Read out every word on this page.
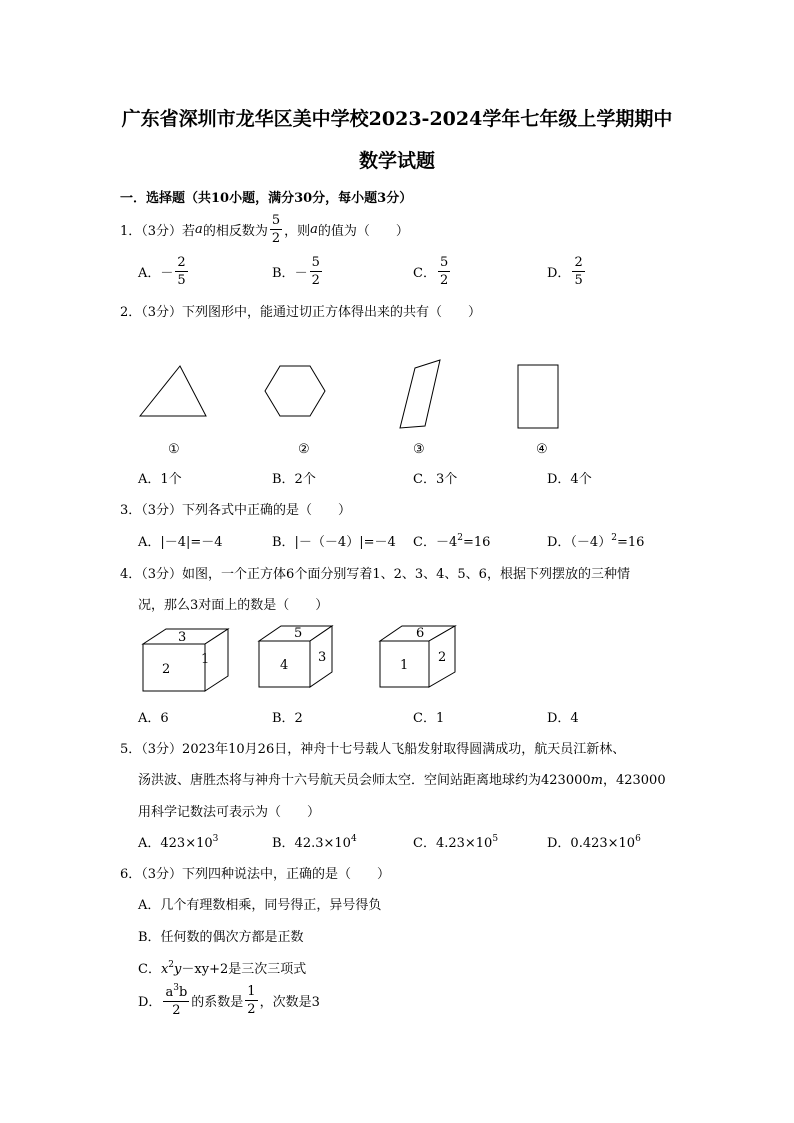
广东省深圳市龙华区美中学校2023-2024学年七年级上学期期中
数学试题
一．选择题（共10小题，满分30分，每小题3分）
1．（3分）若 a 的相反数为 $\frac{5}{2}$ ，则 a 的值为（　　）
A． － $\frac{2}{5}$	B． － $\frac{5}{2}$	C． $\frac{5}{2}$	D． $\frac{2}{5}$
2．（3分）下列图形中，能通过切正方体得出来的共有（　　）
①	②	③	④
A．1个	B．2个	C．3个	D．4个
3．（3分）下列各式中正确的是（　　）
A．|－4|=－4	B．|－（－4）|=－4 C．$-4^2=16$	D．$(-4)^2=16$
4．（3分）如图，一个正方体6个面分别写着1、2、3、4、5、6，根据下列摆放的三种情
况，那么3对面上的数是（　　）
3
2
1
5
4
3
6
1
2
A．6	B．2	C．1	D．4
5．（3分）2023年10月26日，神舟十七号载人飞船发射取得圆满成功，航天员江新林、
汤洪波、唐胜杰将与神舟十六号航天员会师太空．空间站距离地球约为423000m，423000
用科学记数法可表示为（　　）
A．$423\times 10^3$	B．$42.3\times 10^4$	C．$4.23\times 10^5$	D．$0.423\times 10^6$
6．（3分）下列四种说法中，正确的是（　　）
A．几个有理数相乘，同号得正，异号得负
B．任何数的偶次方都是正数
C．$x^2y-xy+2$是三次三项式
D． $\frac{a^3b}{2}$ 的系数是 $\frac{1}{2}$ ，次数是3
